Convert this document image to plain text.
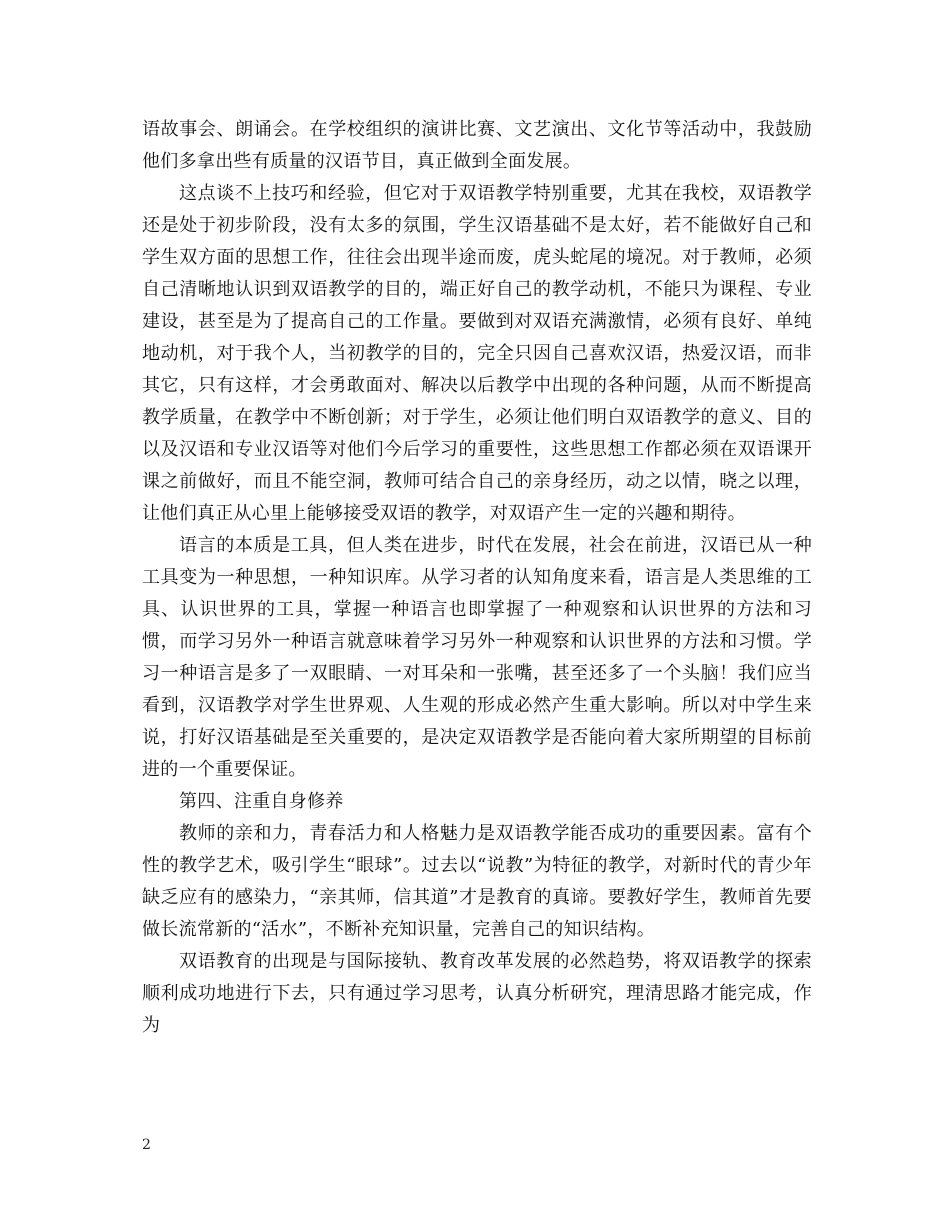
语故事会、朗诵会。在学校组织的演讲比赛、文艺演出、文化节等活动中，我鼓励他们多拿出些有质量的汉语节目，真正做到全面发展。

这点谈不上技巧和经验，但它对于双语教学特别重要，尤其在我校，双语教学还是处于初步阶段，没有太多的氛围，学生汉语基础不是太好，若不能做好自己和学生双方面的思想工作，往往会出现半途而废，虎头蛇尾的境况。对于教师，必须自己清晰地认识到双语教学的目的，端正好自己的教学动机，不能只为课程、专业建设，甚至是为了提高自己的工作量。要做到对双语充满激情，必须有良好、单纯地动机，对于我个人，当初教学的目的，完全只因自己喜欢汉语，热爱汉语，而非其它，只有这样，才会勇敢面对、解决以后教学中出现的各种问题，从而不断提高教学质量，在教学中不断创新；对于学生，必须让他们明白双语教学的意义、目的以及汉语和专业汉语等对他们今后学习的重要性，这些思想工作都必须在双语课开课之前做好，而且不能空洞，教师可结合自己的亲身经历，动之以情，晓之以理，让他们真正从心里上能够接受双语的教学，对双语产生一定的兴趣和期待。

语言的本质是工具，但人类在进步，时代在发展，社会在前进，汉语已从一种工具变为一种思想，一种知识库。从学习者的认知角度来看，语言是人类思维的工具、认识世界的工具，掌握一种语言也即掌握了一种观察和认识世界的方法和习惯，而学习另外一种语言就意味着学习另外一种观察和认识世界的方法和习惯。学习一种语言是多了一双眼睛、一对耳朵和一张嘴，甚至还多了一个头脑！我们应当看到，汉语教学对学生世界观、人生观的形成必然产生重大影响。所以对中学生来说，打好汉语基础是至关重要的，是决定双语教学是否能向着大家所期望的目标前进的一个重要保证。

第四、注重自身修养

教师的亲和力，青春活力和人格魅力是双语教学能否成功的重要因素。富有个性的教学艺术，吸引学生“眼球”。过去以“说教”为特征的教学，对新时代的青少年缺乏应有的感染力，“亲其师，信其道”才是教育的真谛。要教好学生，教师首先要做长流常新的“活水”，不断补充知识量，完善自己的知识结构。

双语教育的出现是与国际接轨、教育改革发展的必然趋势，将双语教学的探索顺利成功地进行下去，只有通过学习思考，认真分析研究，理清思路才能完成，作为

2
